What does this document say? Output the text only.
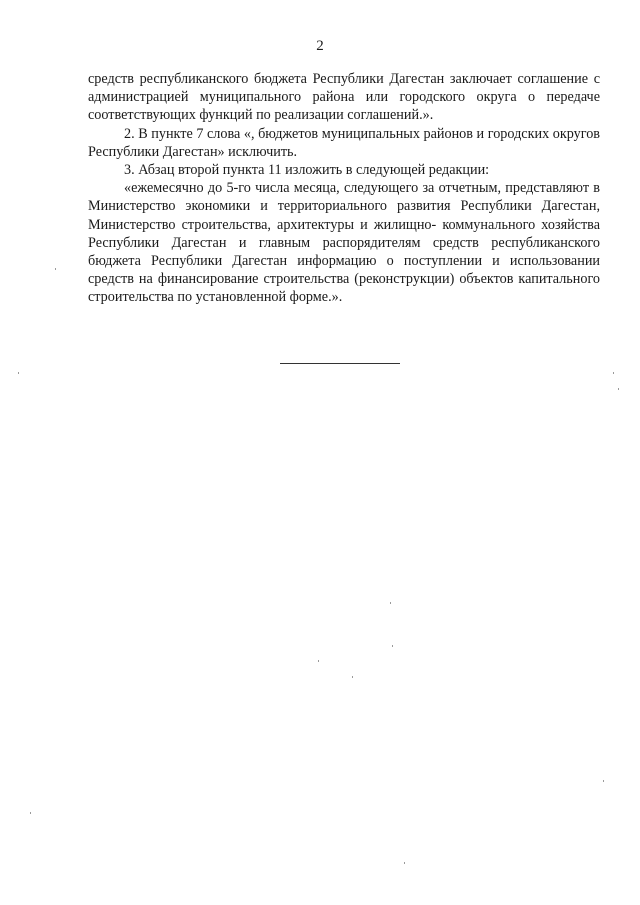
2

средств республиканского бюджета Республики Дагестан заключает соглашение с администрацией муниципального района или городского округа о передаче соответствующих функций по реализации соглашений.».

2. В пункте 7 слова «, бюджетов муниципальных районов и городских округов Республики Дагестан» исключить.

3. Абзац второй пункта 11 изложить в следующей редакции:

«ежемесячно до 5-го числа месяца, следующего за отчетным, представляют в Министерство экономики и территориального развития Республики Дагестан, Министерство строительства, архитектуры и жилищно- коммунального хозяйства Республики Дагестан и главным распорядителям средств республиканского бюджета Республики Дагестан информацию о поступлении и использовании средств на финансирование строительства (реконструкции) объектов капитального строительства по установленной форме.».
